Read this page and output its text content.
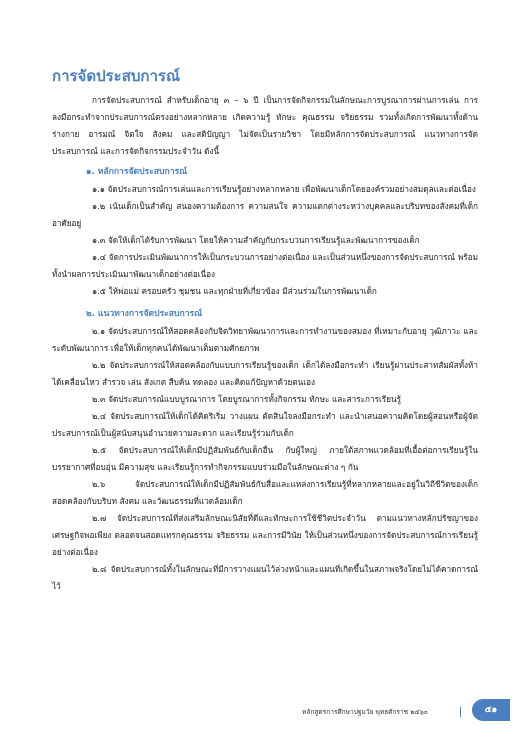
การจัดประสบการณ์

การจัดประสบการณ์ สำหรับเด็กอายุ ๓ – ๖ ปี เป็นการจัดกิจกรรมในลักษณะการบูรณาการผ่านการเล่น การลงมือกระทำจากประสบการณ์ตรงอย่างหลากหลาย เกิดความรู้ ทักษะ คุณธรรม จริยธรรม รวมทั้งเกิดการพัฒนาทั้งด้านร่างกาย อารมณ์ จิตใจ สังคม และสติปัญญา ไม่จัดเป็นรายวิชา โดยมีหลักการจัดประสบการณ์ แนวทางการจัดประสบการณ์ และการจัดกิจกรรมประจำวัน ดังนี้

๑. หลักการจัดประสบการณ์

๑.๑ จัดประสบการณ์การเล่นและการเรียนรู้อย่างหลากหลาย เพื่อพัฒนาเด็กโดยองค์รวมอย่างสมดุลและต่อเนื่อง

๑.๒ เน้นเด็กเป็นสำคัญ สนองความต้องการ ความสนใจ ความแตกต่างระหว่างบุคคลและบริบทของสังคมที่เด็กอาศัยอยู่

๑.๓ จัดให้เด็กได้รับการพัฒนา โดยให้ความสำคัญกับกระบวนการเรียนรู้และพัฒนาการของเด็ก

๑.๔ จัดการประเมินพัฒนาการให้เป็นกระบวนการอย่างต่อเนื่อง และเป็นส่วนหนึ่งของการจัดประสบการณ์ พร้อมทั้งนำผลการประเมินมาพัฒนาเด็กอย่างต่อเนื่อง

๑.๕ ให้พ่อแม่ ครอบครัว ชุมชน และทุกฝ่ายที่เกี่ยวข้อง มีส่วนร่วมในการพัฒนาเด็ก

๒. แนวทางการจัดประสบการณ์

๒.๑ จัดประสบการณ์ให้สอดคล้องกับจิตวิทยาพัฒนาการและการทำงานของสมอง ที่เหมาะกับอายุ วุฒิภาวะ และระดับพัฒนาการ เพื่อให้เด็กทุกคนได้พัฒนาเต็มตามศักยภาพ

๒.๒ จัดประสบการณ์ให้สอดคล้องกับแบบการเรียนรู้ของเด็ก เด็กได้ลงมือกระทำ เรียนรู้ผ่านประสาทสัมผัสทั้งห้า ได้เคลื่อนไหว สำรวจ เล่น สังเกต สืบค้น ทดลอง และคิดแก้ปัญหาด้วยตนเอง

๒.๓ จัดประสบการณ์แบบบูรณาการ โดยบูรณาการทั้งกิจกรรม ทักษะ และสาระการเรียนรู้

๒.๔ จัดประสบการณ์ให้เด็กได้คิดริเริ่ม วางแผน ตัดสินใจลงมือกระทำ และนำเสนอความคิดโดยผู้สอนหรือผู้จัดประสบการณ์เป็นผู้สนับสนุนอำนวยความสะดวก และเรียนรู้ร่วมกับเด็ก

๒.๕ จัดประสบการณ์ให้เด็กมีปฏิสัมพันธ์กับเด็กอื่น กับผู้ใหญ่ ภายใต้สภาพแวดล้อมที่เอื้อต่อการเรียนรู้ในบรรยากาศที่อบอุ่น มีความสุข และเรียนรู้การทำกิจกรรมแบบร่วมมือในลักษณะต่าง ๆ กัน

๒.๖ จัดประสบการณ์ให้เด็กมีปฏิสัมพันธ์กับสื่อและแหล่งการเรียนรู้ที่หลากหลายและอยู่ในวิถีชีวิตของเด็ก สอดคล้องกับบริบท สังคม และวัฒนธรรมที่แวดล้อมเด็ก

๒.๗ จัดประสบการณ์ที่ส่งเสริมลักษณะนิสัยที่ดีและทักษะการใช้ชีวิตประจำวัน ตามแนวทางหลักปรัชญาของเศรษฐกิจพอเพียง ตลอดจนสอดแทรกคุณธรรม จริยธรรม และการมีวินัย ให้เป็นส่วนหนึ่งของการจัดประสบการณ์การเรียนรู้อย่างต่อเนื่อง

๒.๘ จัดประสบการณ์ทั้งในลักษณะที่มีการวางแผนไว้ล่วงหน้าและแผนที่เกิดขึ้นในสภาพจริงโดยไม่ได้คาดการณ์ไว้

หลักสูตรการศึกษาปฐมวัย พุทธศักราช ๒๕๖๐	๕๑
